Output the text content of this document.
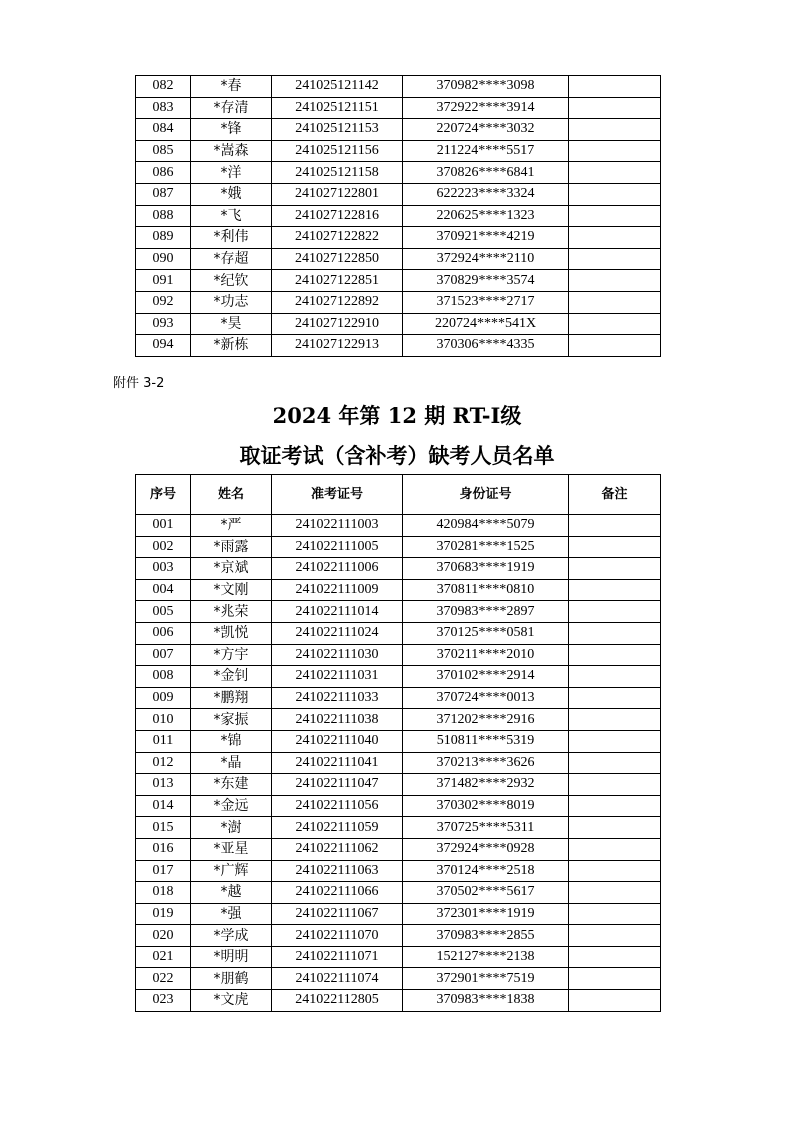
082	*春	241025121142	370982****3098	
083	*存清	241025121151	372922****3914	
084	*锋	241025121153	220724****3032	
085	*嵩森	241025121156	211224****5517	
086	*洋	241025121158	370826****6841	
087	*娥	241027122801	622223****3324	
088	*飞	241027122816	220625****1323	
089	*利伟	241027122822	370921****4219	
090	*存超	241027122850	372924****2110	
091	*纪钦	241027122851	370829****3574	
092	*功志	241027122892	371523****2717	
093	*昊	241027122910	220724****541X	
094	*新栋	241027122913	370306****4335	
附件 3-2
2024 年第 12 期 RT-Ⅰ级
取证考试（含补考）缺考人员名单
序号	姓名	准考证号	身份证号	备注
001	*严	241022111003	420984****5079	
002	*雨露	241022111005	370281****1525	
003	*京斌	241022111006	370683****1919	
004	*文刚	241022111009	370811****0810	
005	*兆荣	241022111014	370983****2897	
006	*凯悦	241022111024	370125****0581	
007	*方宇	241022111030	370211****2010	
008	*金钊	241022111031	370102****2914	
009	*鹏翔	241022111033	370724****0013	
010	*家振	241022111038	371202****2916	
011	*锦	241022111040	510811****5319	
012	*晶	241022111041	370213****3626	
013	*东建	241022111047	371482****2932	
014	*金远	241022111056	370302****8019	
015	*澍	241022111059	370725****5311	
016	*亚星	241022111062	372924****0928	
017	*广辉	241022111063	370124****2518	
018	*越	241022111066	370502****5617	
019	*强	241022111067	372301****1919	
020	*学成	241022111070	370983****2855	
021	*明明	241022111071	152127****2138	
022	*朋鹤	241022111074	372901****7519	
023	*文虎	241022112805	370983****1838	
